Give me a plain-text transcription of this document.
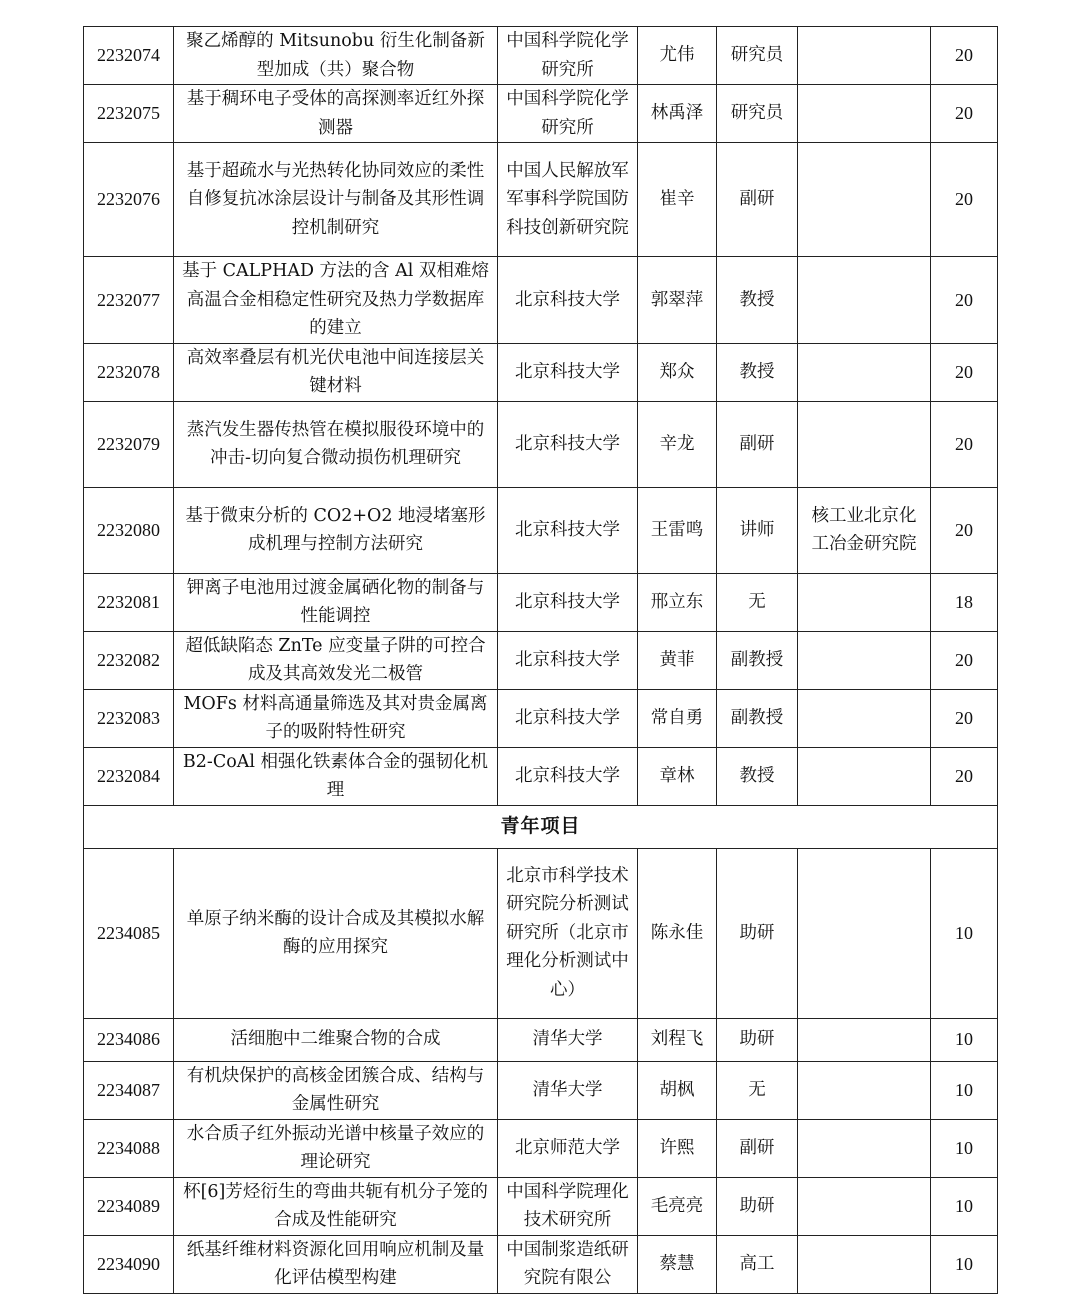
2232074	聚乙烯醇的 Mitsunobu 衍生化制备新型加成（共）聚合物	中国科学院化学研究所	尤伟	研究员		20
2232075	基于稠环电子受体的高探测率近红外探测器	中国科学院化学研究所	林禹泽	研究员		20
2232076	基于超疏水与光热转化协同效应的柔性自修复抗冰涂层设计与制备及其形性调控机制研究	中国人民解放军军事科学院国防科技创新研究院	崔辛	副研		20
2232077	基于 CALPHAD 方法的含 Al 双相难熔高温合金相稳定性研究及热力学数据库的建立	北京科技大学	郭翠萍	教授		20
2232078	高效率叠层有机光伏电池中间连接层关键材料	北京科技大学	郑众	教授		20
2232079	蒸汽发生器传热管在模拟服役环境中的冲击-切向复合微动损伤机理研究	北京科技大学	辛龙	副研		20
2232080	基于微束分析的 CO2+O2 地浸堵塞形成机理与控制方法研究	北京科技大学	王雷鸣	讲师	核工业北京化工冶金研究院	20
2232081	钾离子电池用过渡金属硒化物的制备与性能调控	北京科技大学	邢立东	无		18
2232082	超低缺陷态 ZnTe 应变量子阱的可控合成及其高效发光二极管	北京科技大学	黄菲	副教授		20
2232083	MOFs 材料高通量筛选及其对贵金属离子的吸附特性研究	北京科技大学	常自勇	副教授		20
2232084	B2-CoAl 相强化铁素体合金的强韧化机理	北京科技大学	章林	教授		20
青年项目						
2234085	单原子纳米酶的设计合成及其模拟水解酶的应用探究	北京市科学技术研究院分析测试研究所（北京市理化分析测试中心）	陈永佳	助研		10
2234086	活细胞中二维聚合物的合成	清华大学	刘程飞	助研		10
2234087	有机炔保护的高核金团簇合成、结构与金属性研究	清华大学	胡枫	无		10
2234088	水合质子红外振动光谱中核量子效应的理论研究	北京师范大学	许熙	副研		10
2234089	杯[6]芳烃衍生的弯曲共轭有机分子笼的合成及性能研究	中国科学院理化技术研究所	毛亮亮	助研		10
2234090	纸基纤维材料资源化回用响应机制及量化评估模型构建	中国制浆造纸研究院有限公	蔡慧	高工		10
